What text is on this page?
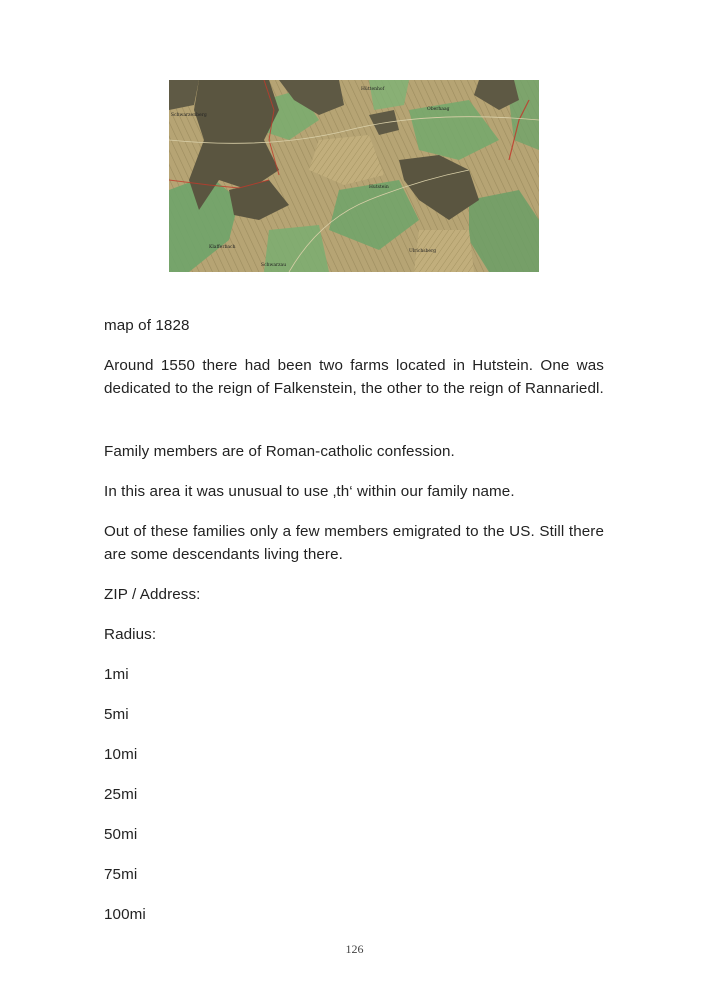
Hüttenhof
Schwarzenberg
Hutstein
Oberhaag
Klafferbach
Schwarzau
Ulrichsberg

map of 1828

Around 1550 there had been two farms located in Hutstein. One was dedicated to the reign of Falkenstein, the other to the reign of Rannariedl.

Family members are of Roman-catholic confession.

In this area it was unusual to use ‚th‘ within our family name.

Out of these families only a few members emigrated to the US. Still there are some descendants living there.

ZIP / Address:

Radius:

1mi

5mi

10mi

25mi

50mi

75mi

100mi

126
